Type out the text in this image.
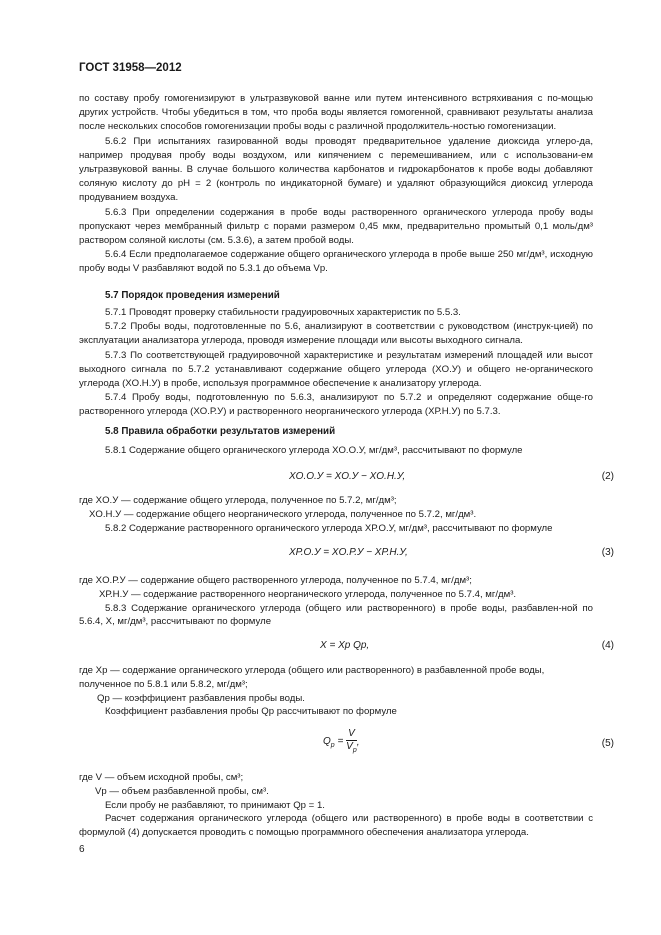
ГОСТ 31958—2012

по составу пробу гомогенизируют в ультразвуковой ванне или путем интенсивного встряхивания с по-мощью других устройств. Чтобы убедиться в том, что проба воды является гомогенной, сравнивают результаты анализа после нескольких способов гомогенизации пробы воды с различной продолжитель-ностью гомогенизации.

5.6.2 При испытаниях газированной воды проводят предварительное удаление диоксида углеро-да, например продувая пробу воды воздухом, или кипячением с перемешиванием, или с использовани-ем ультразвуковой ванны. В случае большого количества карбонатов и гидрокарбонатов к пробе воды добавляют соляную кислоту до pH = 2 (контроль по индикаторной бумаге) и удаляют образующийся диоксид углерода продуванием воздуха.

5.6.3 При определении содержания в пробе воды растворенного органического углерода пробу воды пропускают через мембранный фильтр с порами размером 0,45 мкм, предварительно промытый 0,1 моль/дм³ раствором соляной кислоты (см. 5.3.6), а затем пробой воды.

5.6.4 Если предполагаемое содержание общего органического углерода в пробе выше 250 мг/дм³, исходную пробу воды V разбавляют водой по 5.3.1 до объема Vр.

5.7 Порядок проведения измерений

5.7.1 Проводят проверку стабильности градуировочных характеристик по 5.5.3.

5.7.2 Пробы воды, подготовленные по 5.6, анализируют в соответствии с руководством (инструк-цией) по эксплуатации анализатора углерода, проводя измерение площади или высоты выходного сигнала.

5.7.3 По соответствующей градуировочной характеристике и результатам измерений площадей или высот выходного сигнала по 5.7.2 устанавливают содержание общего углерода (XО.У) и общего не-органического углерода (XО.Н.У) в пробе, используя программное обеспечение к анализатору углерода.

5.7.4 Пробу воды, подготовленную по 5.6.3, анализируют по 5.7.2 и определяют содержание обще-го растворенного углерода (XО.Р.У) и растворенного неорганического углерода (XР.Н.У) по 5.7.3.

5.8 Правила обработки результатов измерений

5.8.1 Содержание общего органического углерода XО.О.У, мг/дм³, рассчитывают по формуле

XО.О.У = XО.У − XО.Н.У,	(2)

где XО.У — содержание общего углерода, полученное по 5.7.2, мг/дм³;

XО.Н.У — содержание общего неорганического углерода, полученное по 5.7.2, мг/дм³.

5.8.2 Содержание растворенного органического углерода XР.О.У, мг/дм³, рассчитывают по формуле

XР.О.У = XО.Р.У − XР.Н.У,	(3)

где XО.Р.У — содержание общего растворенного углерода, полученное по 5.7.4, мг/дм³;

XР.Н.У — содержание растворенного неорганического углерода, полученное по 5.7.4, мг/дм³.

5.8.3 Содержание органического углерода (общего или растворенного) в пробе воды, разбавлен-ной по 5.6.4, X, мг/дм³, рассчитывают по формуле

X = Xр Qр,	(4)

где Xр — содержание органического углерода (общего или растворенного) в разбавленной пробе воды, полученное по 5.8.1 или 5.8.2, мг/дм³;

Qр — коэффициент разбавления пробы воды.

Коэффициент разбавления пробы Qр рассчитывают по формуле

$Q_р = \frac{V}{V_р}$ ,	(5)

где V — объем исходной пробы, см³;

Vр — объем разбавленной пробы, см³.

Если пробу не разбавляют, то принимают Qр = 1.

Расчет содержания органического углерода (общего или растворенного) в пробе воды в соответствии с формулой (4) допускается проводить с помощью программного обеспечения анализатора углерода.

6
